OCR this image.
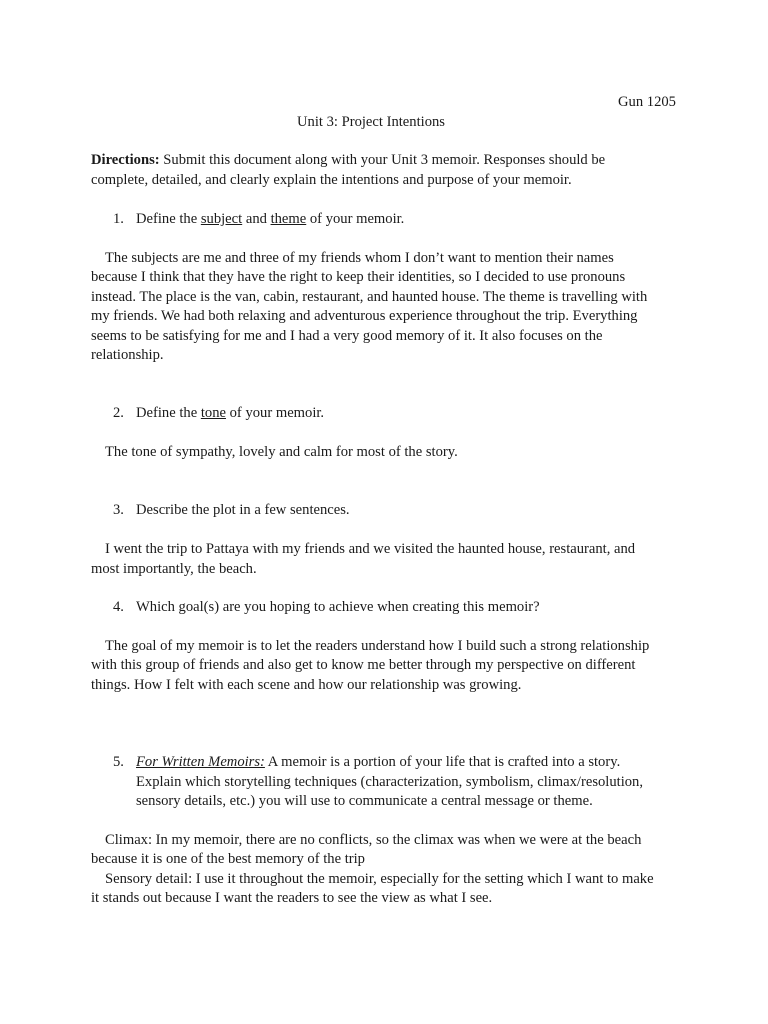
Gun 1205
Unit 3: Project Intentions
Directions: Submit this document along with your Unit 3 memoir. Responses should be
complete, detailed, and clearly explain the intentions and purpose of your memoir.
1. Define the subject and theme of your memoir.
The subjects are me and three of my friends whom I don’t want to mention their names
because I think that they have the right to keep their identities, so I decided to use pronouns
instead. The place is the van, cabin, restaurant, and haunted house. The theme is travelling with
my friends. We had both relaxing and adventurous experience throughout the trip. Everything
seems to be satisfying for me and I had a very good memory of it. It also focuses on the
relationship.
2. Define the tone of your memoir.
The tone of sympathy, lovely and calm for most of the story.
3. Describe the plot in a few sentences.
I went the trip to Pattaya with my friends and we visited the haunted house, restaurant, and
most importantly, the beach.
4. Which goal(s) are you hoping to achieve when creating this memoir?
The goal of my memoir is to let the readers understand how I build such a strong relationship
with this group of friends and also get to know me better through my perspective on different
things. How I felt with each scene and how our relationship was growing.
5. For Written Memoirs: A memoir is a portion of your life that is crafted into a story.
Explain which storytelling techniques (characterization, symbolism, climax/resolution,
sensory details, etc.) you will use to communicate a central message or theme.
Climax: In my memoir, there are no conflicts, so the climax was when we were at the beach
because it is one of the best memory of the trip
Sensory detail: I use it throughout the memoir, especially for the setting which I want to make
it stands out because I want the readers to see the view as what I see.
